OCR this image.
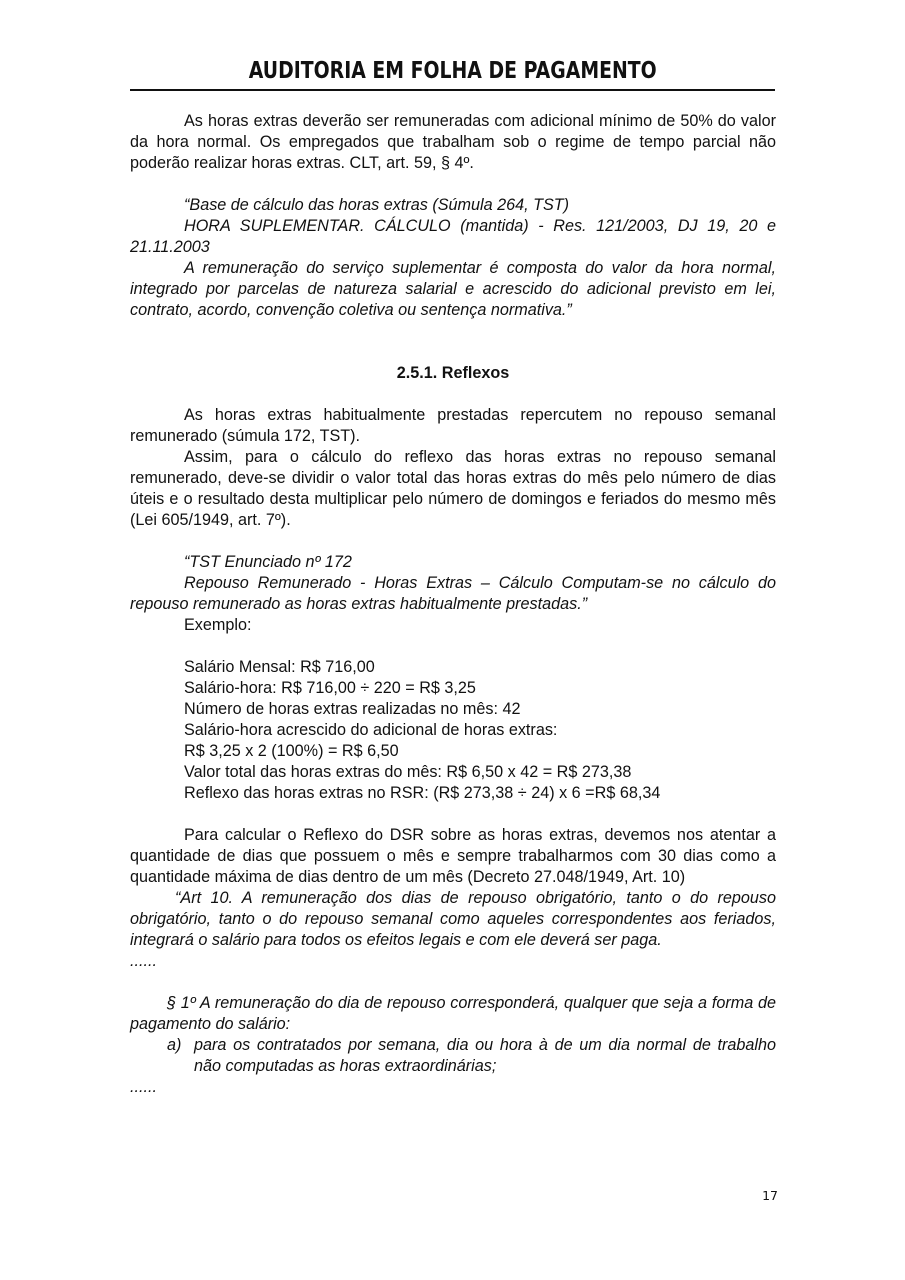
AUDITORIA EM FOLHA DE PAGAMENTO

As horas extras deverão ser remuneradas com adicional mínimo de 50% do valor da hora normal. Os empregados que trabalham sob o regime de tempo parcial não poderão realizar horas extras. CLT, art. 59, § 4º.

“Base de cálculo das horas extras (Súmula 264, TST)

HORA SUPLEMENTAR. CÁLCULO (mantida) - Res. 121/2003, DJ 19, 20 e 21.11.2003

A remuneração do serviço suplementar é composta do valor da hora normal, integrado por parcelas de natureza salarial e acrescido do adicional previsto em lei, contrato, acordo, convenção coletiva ou sentença normativa.”

2.5.1. Reflexos

As horas extras habitualmente prestadas repercutem no repouso semanal remunerado (súmula 172, TST).

Assim, para o cálculo do reflexo das horas extras no repouso semanal remunerado, deve-se dividir o valor total das horas extras do mês pelo número de dias úteis e o resultado desta multiplicar pelo número de domingos e feriados do mesmo mês (Lei 605/1949, art. 7º).

“TST Enunciado nº 172

Repouso Remunerado - Horas Extras – Cálculo Computam-se no cálculo do repouso remunerado as horas extras habitualmente prestadas.”

Exemplo:

Salário Mensal: R$ 716,00

Salário-hora: R$ 716,00 ÷ 220 = R$ 3,25

Número de horas extras realizadas no mês: 42

Salário-hora acrescido do adicional de horas extras:

R$ 3,25 x 2 (100%) = R$ 6,50

Valor total das horas extras do mês: R$ 6,50 x 42 = R$ 273,38

Reflexo das horas extras no RSR: (R$ 273,38 ÷ 24) x 6 =R$ 68,34

Para calcular o Reflexo do DSR sobre as horas extras, devemos nos atentar a quantidade de dias que possuem o mês e sempre trabalharmos com 30 dias como a quantidade máxima de dias dentro de um mês (Decreto 27.048/1949, Art. 10)

“Art 10. A remuneração dos dias de repouso obrigatório, tanto o do repouso obrigatório, tanto o do repouso semanal como aqueles correspondentes aos feriados, integrará o salário para todos os efeitos legais e com ele deverá ser paga.

......

§ 1º A remuneração do dia de repouso corresponderá, qualquer que seja a forma de pagamento do salário:

a) para os contratados por semana, dia ou hora à de um dia normal de trabalho não computadas as horas extraordinárias;

......

17
